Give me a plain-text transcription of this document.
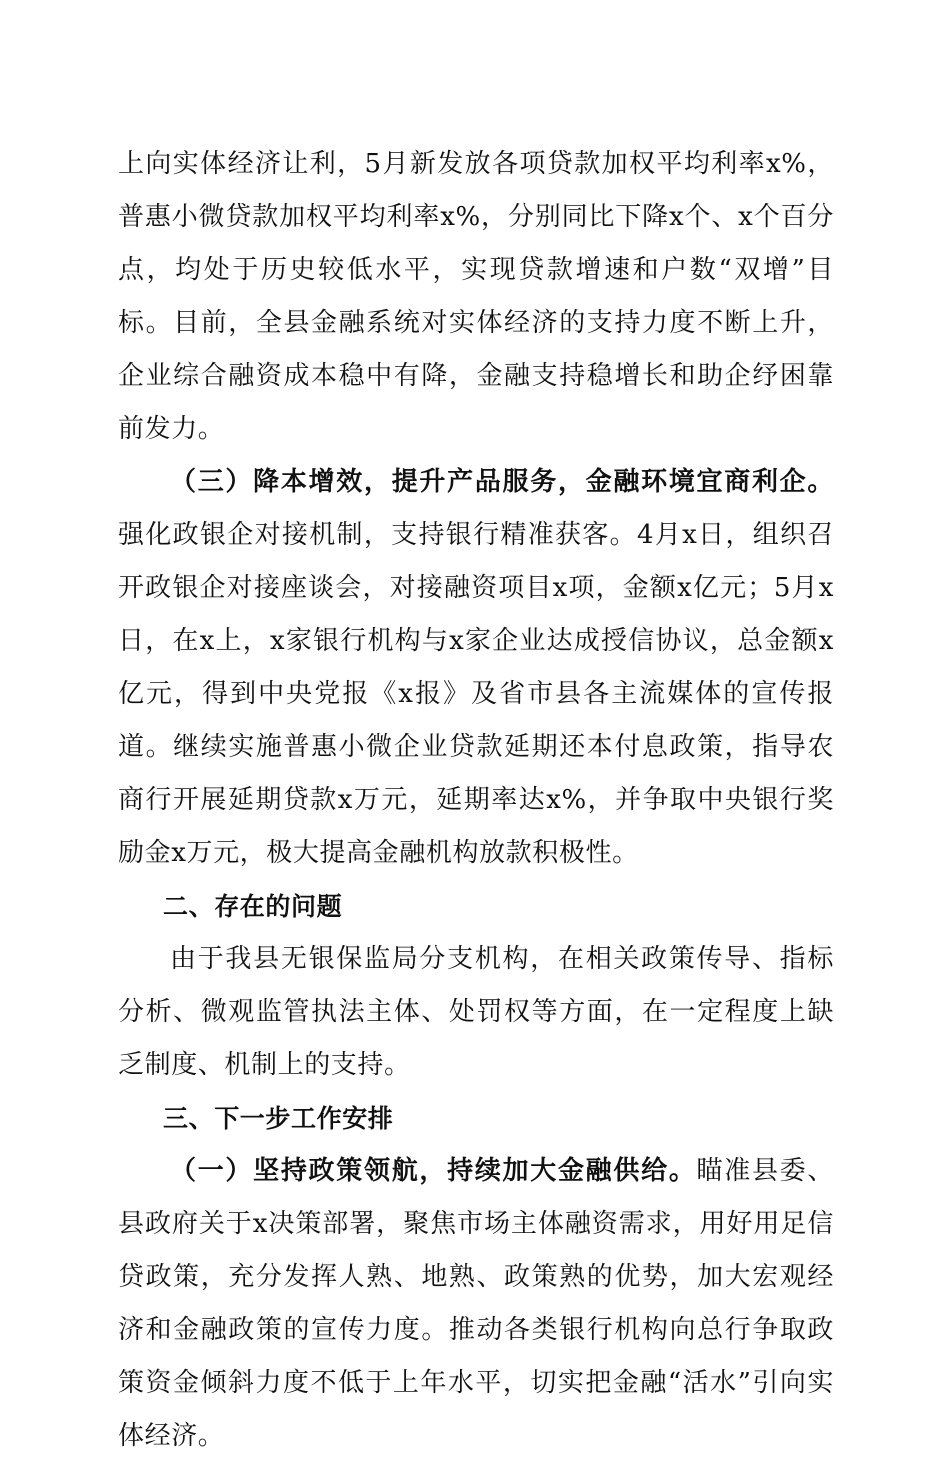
上向实体经济让利，5月新发放各项贷款加权平均利率x%，普惠小微贷款加权平均利率x%，分别同比下降x个、x个百分点，均处于历史较低水平，实现贷款增速和户数“双增”目标。目前，全县金融系统对实体经济的支持力度不断上升，企业综合融资成本稳中有降，金融支持稳增长和助企纾困靠前发力。

（三）降本增效，提升产品服务，金融环境宜商利企。强化政银企对接机制，支持银行精准获客。4月x日，组织召开政银企对接座谈会，对接融资项目x项，金额x亿元；5月x日，在x上，x家银行机构与x家企业达成授信协议，总金额x亿元，得到中央党报《x报》及省市县各主流媒体的宣传报道。继续实施普惠小微企业贷款延期还本付息政策，指导农商行开展延期贷款x万元，延期率达x%，并争取中央银行奖励金x万元，极大提高金融机构放款积极性。

二、存在的问题

由于我县无银保监局分支机构，在相关政策传导、指标分析、微观监管执法主体、处罚权等方面，在一定程度上缺乏制度、机制上的支持。

三、下一步工作安排

（一）坚持政策领航，持续加大金融供给。瞄准县委、县政府关于x决策部署，聚焦市场主体融资需求，用好用足信贷政策，充分发挥人熟、地熟、政策熟的优势，加大宏观经济和金融政策的宣传力度。推动各类银行机构向总行争取政策资金倾斜力度不低于上年水平，切实把金融“活水”引向实体经济。
